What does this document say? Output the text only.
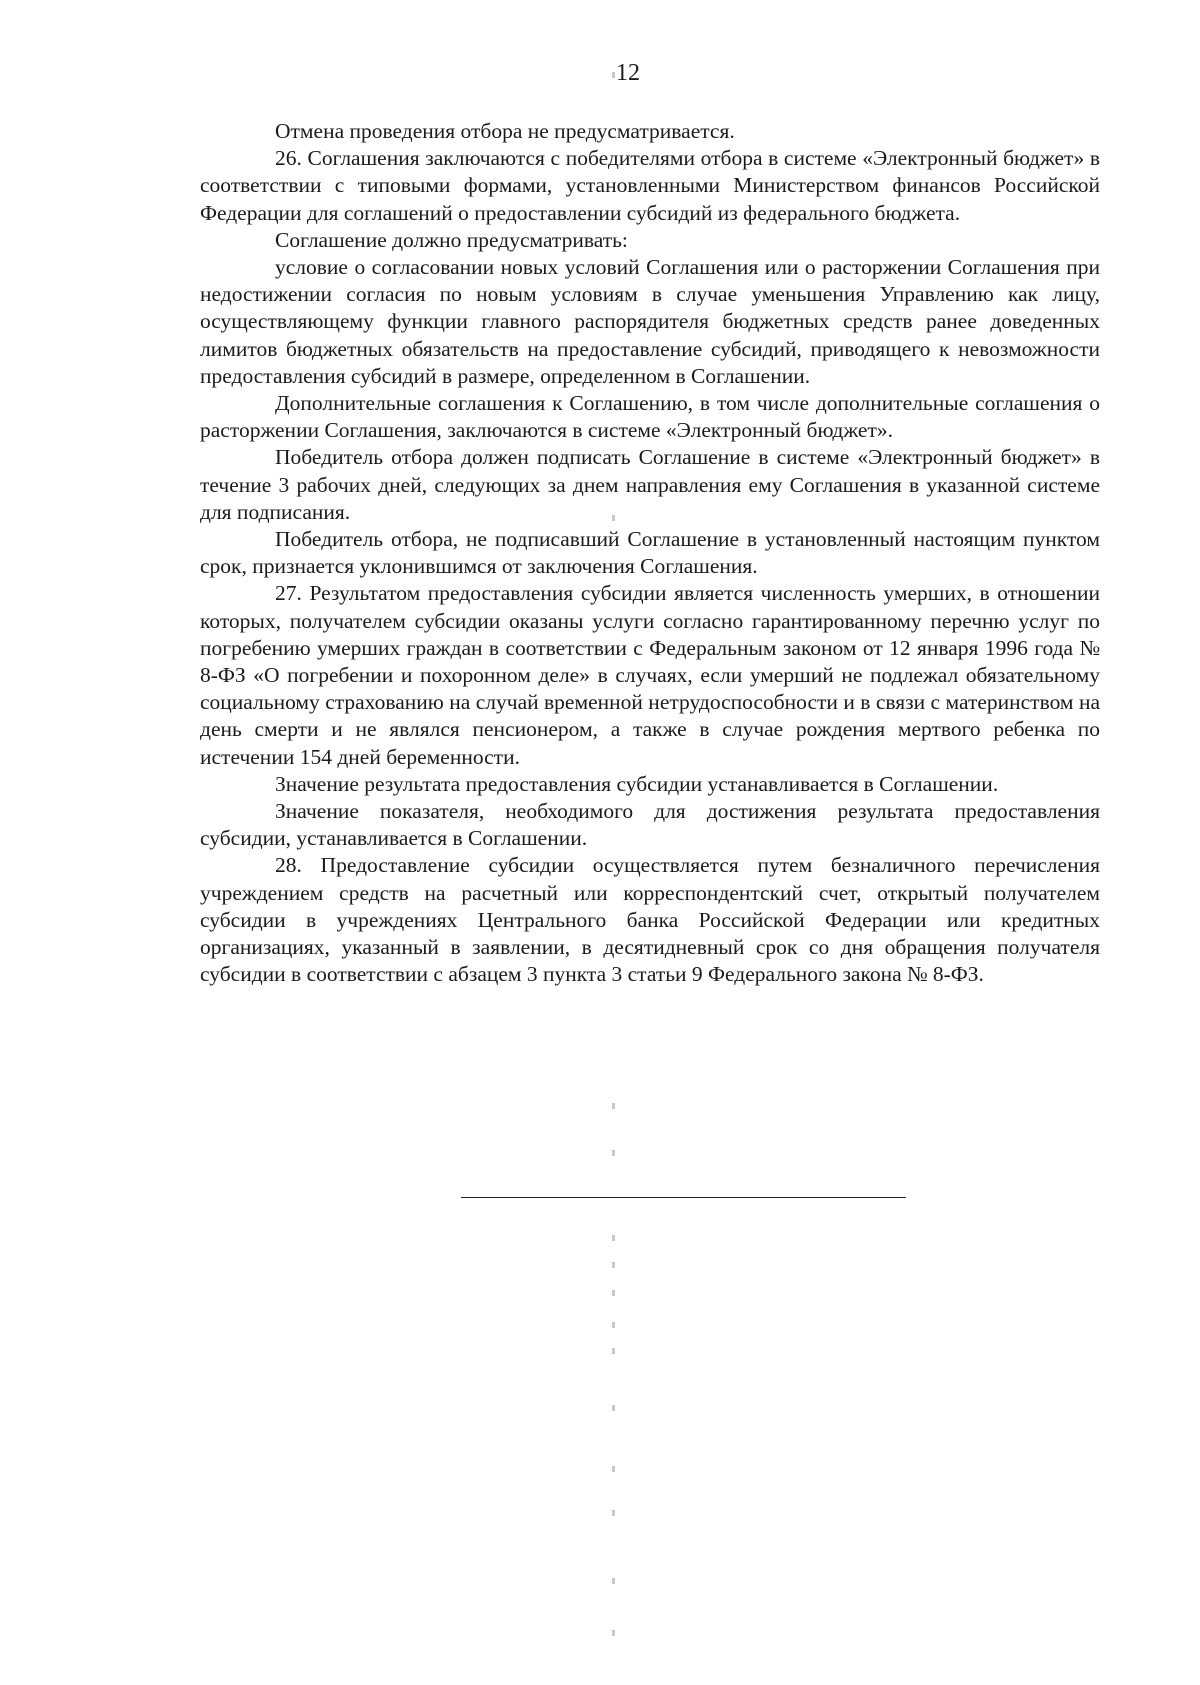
12

Отмена проведения отбора не предусматривается.

26. Соглашения заключаются с победителями отбора в системе «Электронный бюджет» в соответствии с типовыми формами, установленными Министерством финансов Российской Федерации для соглашений о предоставлении субсидий из федерального бюджета.

Соглашение должно предусматривать:

условие о согласовании новых условий Соглашения или о расторжении Соглашения при недостижении согласия по новым условиям в случае уменьшения Управлению как лицу, осуществляющему функции главного распорядителя бюджетных средств ранее доведенных лимитов бюджетных обязательств на предоставление субсидий, приводящего к невозможности предоставления субсидий в размере, определенном в Соглашении.

Дополнительные соглашения к Соглашению, в том числе дополнительные соглашения о расторжении Соглашения, заключаются в системе «Электронный бюджет».

Победитель отбора должен подписать Соглашение в системе «Электронный бюджет» в течение 3 рабочих дней, следующих за днем направления ему Соглашения в указанной системе для подписания.

Победитель отбора, не подписавший Соглашение в установленный настоящим пунктом срок, признается уклонившимся от заключения Соглашения.

27. Результатом предоставления субсидии является численность умерших, в отношении которых, получателем субсидии оказаны услуги согласно гарантированному перечню услуг по погребению умерших граждан в соответствии с Федеральным законом от 12 января 1996 года № 8-ФЗ «О погребении и похоронном деле» в случаях, если умерший не подлежал обязательному социальному страхованию на случай временной нетрудоспособности и в связи с материнством на день смерти и не являлся пенсионером, а также в случае рождения мертвого ребенка по истечении 154 дней беременности.

Значение результата предоставления субсидии устанавливается в Соглашении.

Значение показателя, необходимого для достижения результата предоставления субсидии, устанавливается в Соглашении.

28. Предоставление субсидии осуществляется путем безналичного перечисления учреждением средств на расчетный или корреспондентский счет, открытый получателем субсидии в учреждениях Центрального банка Российской Федерации или кредитных организациях, указанный в заявлении, в десятидневный срок со дня обращения получателя субсидии в соответствии с абзацем 3 пункта 3 статьи 9 Федерального закона № 8-ФЗ.
